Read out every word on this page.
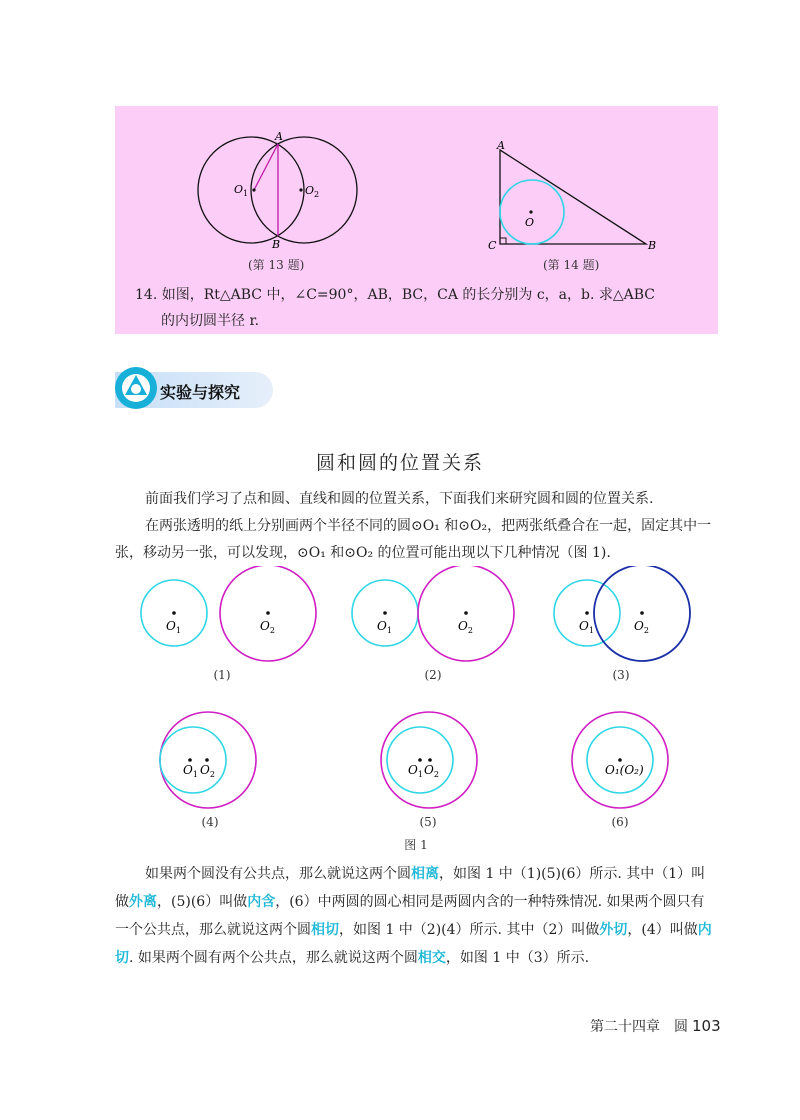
A
B
$O_1$	$O_2$
(第 13 题)
A
B
C
O
(第 14 题)
14. 如图，Rt△ABC 中，∠C=90°，AB，BC，CA 的长分别为 c，a，b. 求△ABC
的内切圆半径 r.
实验与探究
圆和圆的位置关系

前面我们学习了点和圆、直线和圆的位置关系，下面我们来研究圆和圆的位置关系.

在两张透明的纸上分别画两个半径不同的圆⊙O₁ 和⊙O₂，把两张纸叠合在一起，固定其中一张，移动另一张，可以发现，⊙O₁ 和⊙O₂ 的位置可能出现以下几种情况（图 1).

$O_1$	$O_2$	$O_1$	$O_2$	$O_1$	$O_2$
$O_1$ $O_2$	$O_1$ $O_2$	O₁(O₂)
(1)	(2)	(3)
(4)	(5)	(6)
图 1

如果两个圆没有公共点，那么就说这两个圆相离，如图 1 中（1)(5)(6）所示. 其中（1）叫做外离，(5)(6）叫做内含，(6）中两圆的圆心相同是两圆内含的一种特殊情况. 如果两个圆只有一个公共点，那么就说这两个圆相切，如图 1 中（2)(4）所示. 其中（2）叫做外切，(4）叫做内切. 如果两个圆有两个公共点，那么就说这两个圆相交，如图 1 中（3）所示.

第二十四章　圆 103
